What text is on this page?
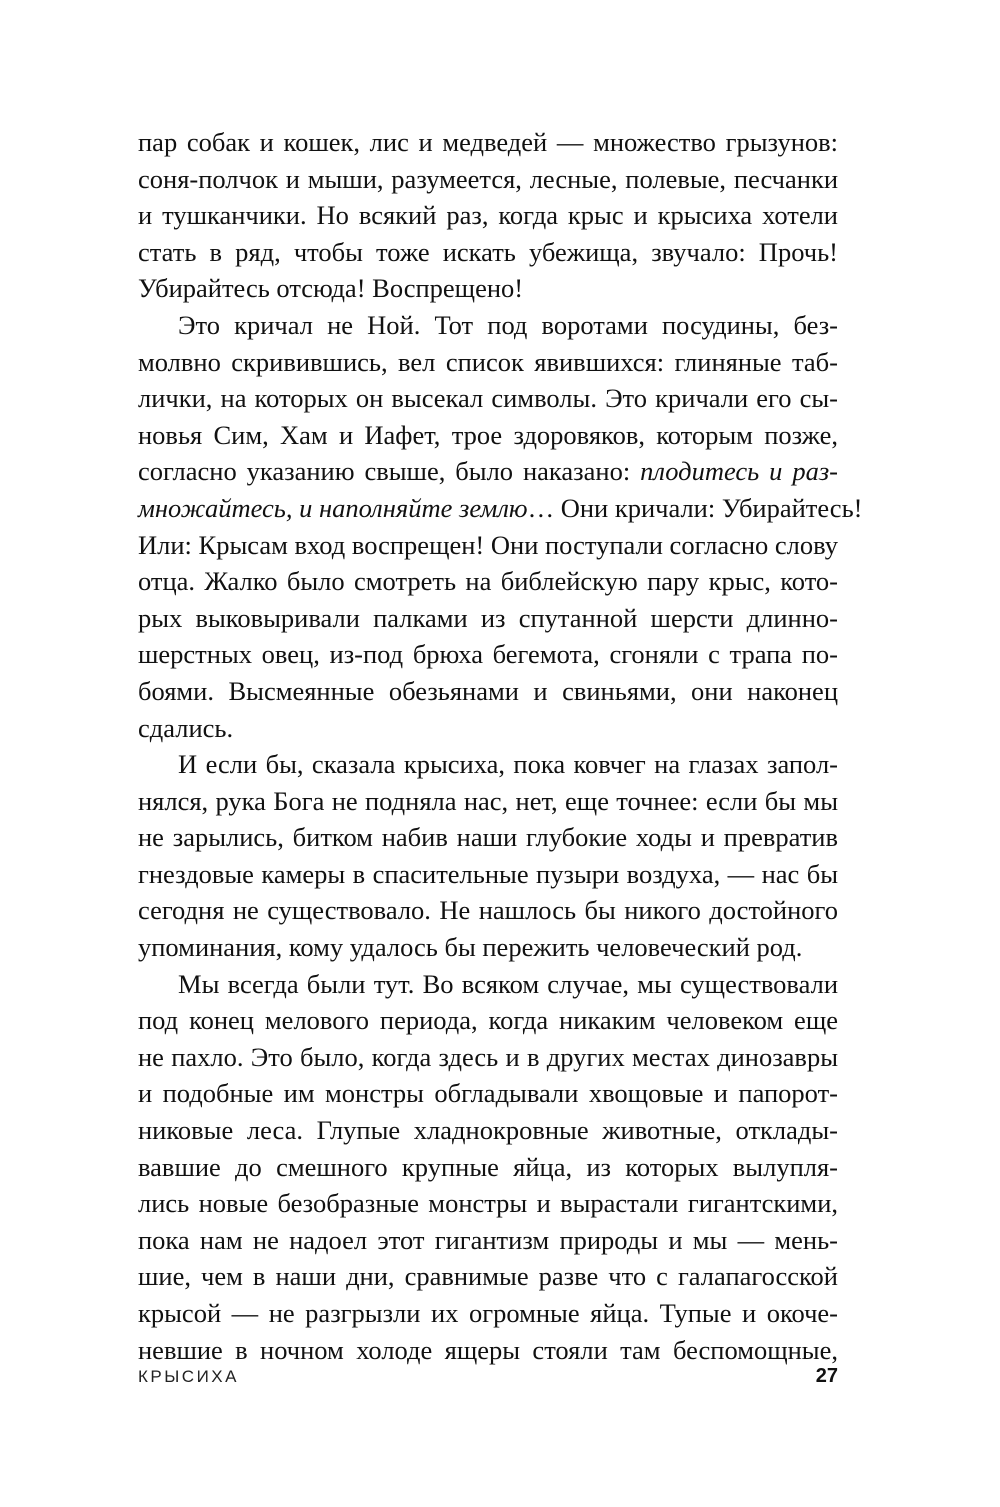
пар собак и кошек, лис и медведей — множество грызунов:
соня-полчок и мыши, разумеется, лесные, полевые, песчанки
и тушканчики. Но всякий раз, когда крыс и крысиха хотели
стать в ряд, чтобы тоже искать убежища, звучало: Прочь!
Убирайтесь отсюда! Воспрещено!
Это кричал не Ной. Тот под воротами посудины, без-
молвно скривившись, вел список явившихся: глиняные таб-
лички, на которых он высекал символы. Это кричали его сы-
новья Сим, Хам и Иафет, трое здоровяков, которым позже,
согласно указанию свыше, было наказано: плодитесь и раз-
множайтесь, и наполняйте землю… Они кричали: Убирайтесь!
Или: Крысам вход воспрещен! Они поступали согласно слову
отца. Жалко было смотреть на библейскую пару крыс, кото-
рых выковыривали палками из спутанной шерсти длинно-
шерстных овец, из-под брюха бегемота, сгоняли с трапа по-
боями. Высмеянные обезьянами и свиньями, они наконец
сдались.
И если бы, сказала крысиха, пока ковчег на глазах запол-
нялся, рука Бога не подняла нас, нет, еще точнее: если бы мы
не зарылись, битком набив наши глубокие ходы и превратив
гнездовые камеры в спасительные пузыри воздуха, — нас бы
сегодня не существовало. Не нашлось бы никого достойного
упоминания, кому удалось бы пережить человеческий род.
Мы всегда были тут. Во всяком случае, мы существовали
под конец мелового периода, когда никаким человеком еще
не пахло. Это было, когда здесь и в других местах динозавры
и подобные им монстры обгладывали хвощовые и папорот-
никовые леса. Глупые хладнокровные животные, отклады-
вавшие до смешного крупные яйца, из которых вылупля-
лись новые безобразные монстры и вырастали гигантскими,
пока нам не надоел этот гигантизм природы и мы — мень-
шие, чем в наши дни, сравнимые разве что с галапагосской
крысой — не разгрызли их огромные яйца. Тупые и окоче-
невшие в ночном холоде ящеры стояли там беспомощные,
КРЫСИХА	27
